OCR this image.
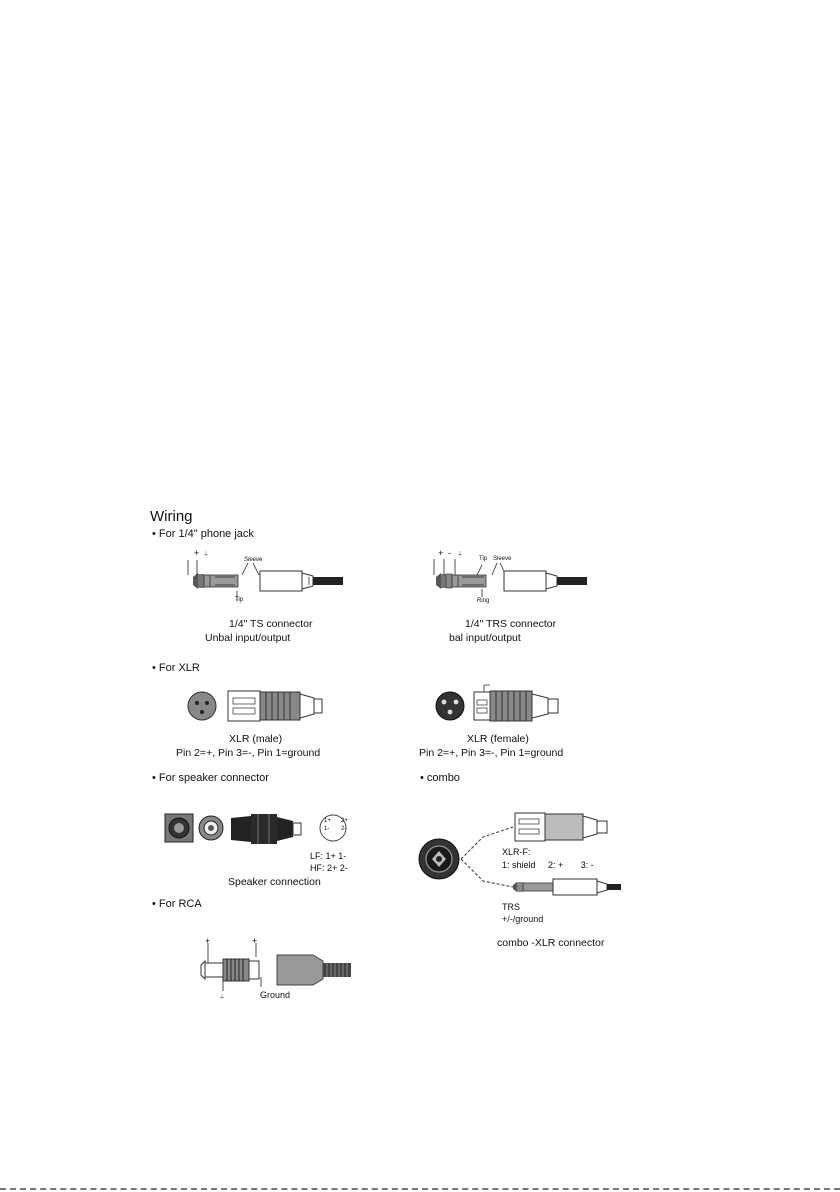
Wiring
• For 1/4" phone jack
• For XLR
• For speaker connector	• combo
• For RCA
+ ⏚
Sleeve
Tip
1/4" TS connector
Unbal input/output
+ - ⏚
Tip Sleeve
Ring
1/4" TRS connector
bal input/output
XLR (male)
Pin 2=+, Pin 3=-, Pin 1=ground
XLR (female)
Pin 2=+, Pin 3=-, Pin 1=ground
1+
1-
2+
2-
LF: 1+ 1-
HF: 2+ 2-
Speaker connection
XLR-F:
1: shield     2: +       3: -
TRS
+/-/ground
combo -XLR connector
+	+
⏚	Ground
